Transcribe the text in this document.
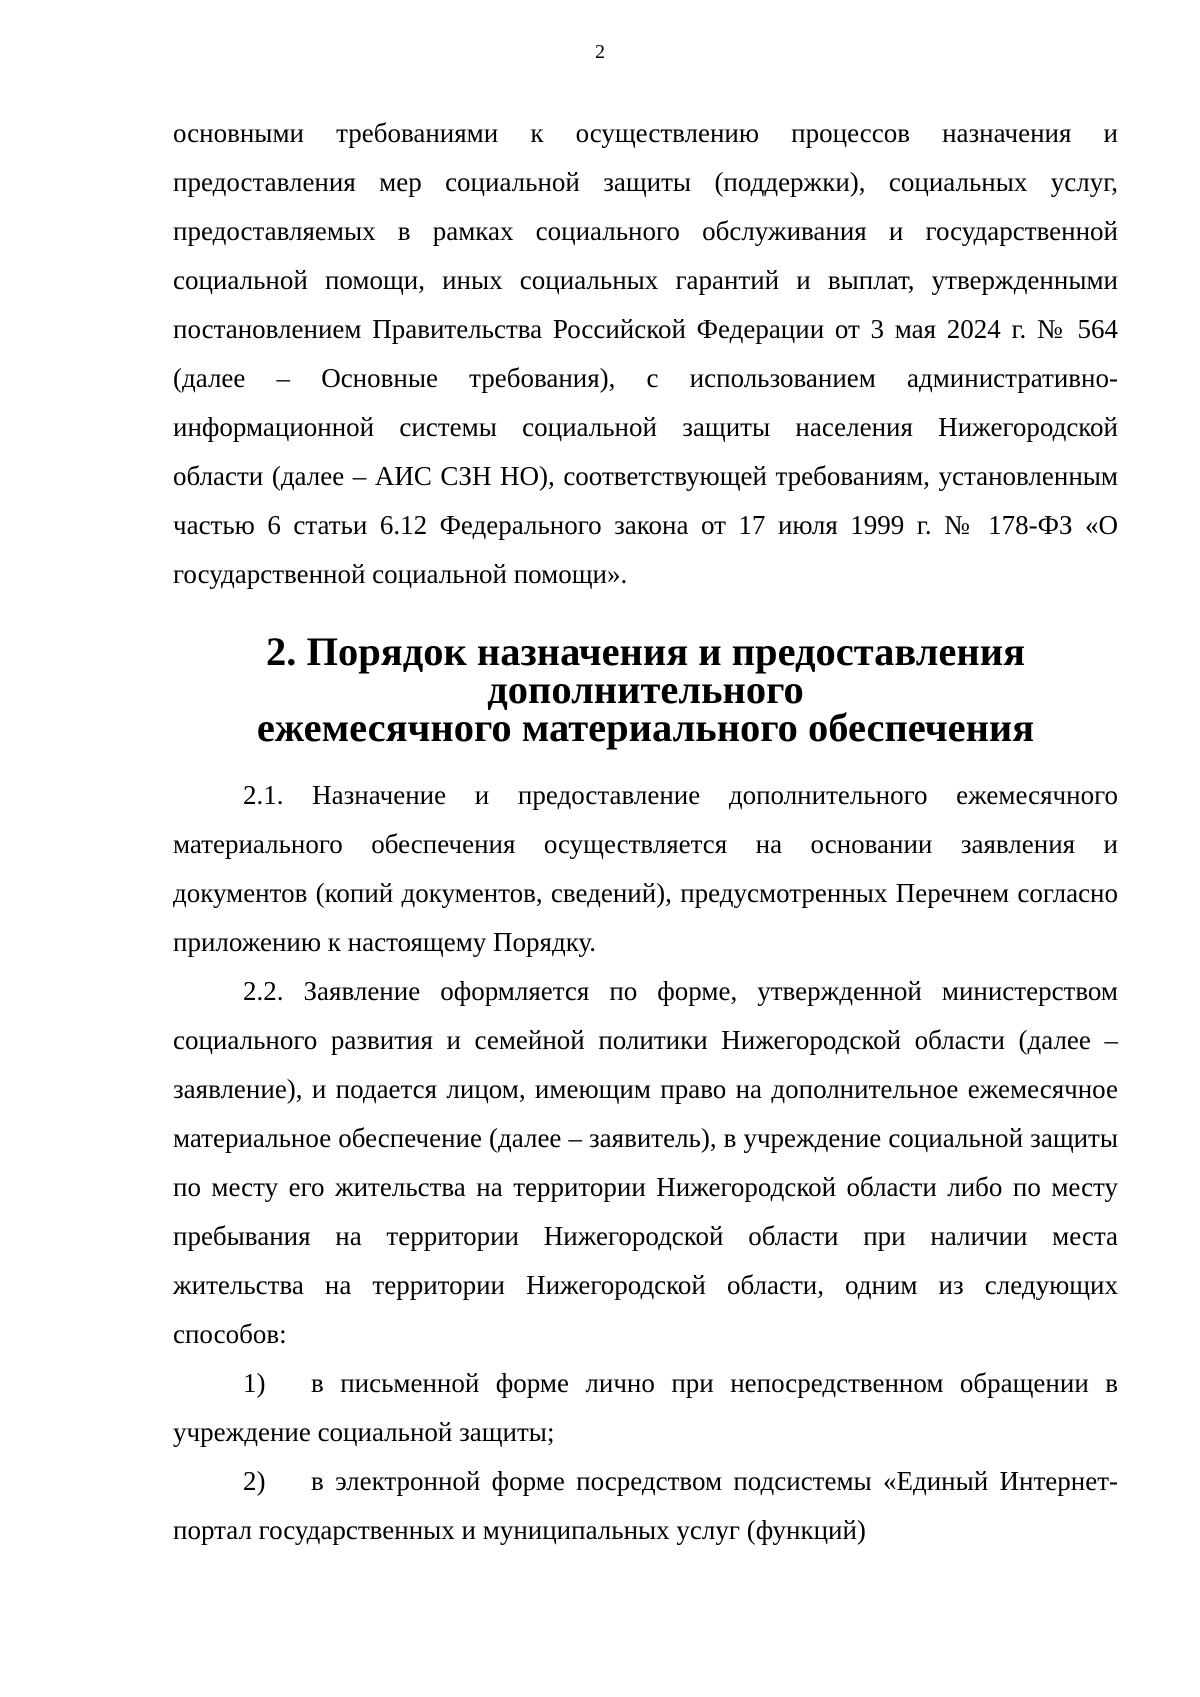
2

основными требованиями к осуществлению процессов назначения и предоставления мер социальной защиты (поддержки), социальных услуг, предоставляемых в рамках социального обслуживания и государственной социальной помощи, иных социальных гарантий и выплат, утвержденными постановлением Правительства Российской Федерации от 3 мая 2024 г. № 564 (далее – Основные требования), с использованием административно-информационной системы социальной защиты населения Нижегородской области (далее – АИС СЗН НО), соответствующей требованиям, установленным частью 6 статьи 6.12 Федерального закона от 17 июля 1999 г. № 178-ФЗ «О государственной социальной помощи».

2. Порядок назначения и предоставления дополнительного
ежемесячного материального обеспечения

2.1. Назначение и предоставление дополнительного ежемесячного материального обеспечения осуществляется на основании заявления и документов (копий документов, сведений), предусмотренных Перечнем согласно приложению к настоящему Порядку.

2.2. Заявление оформляется по форме, утвержденной министерством социального развития и семейной политики Нижегородской области (далее – заявление), и подается лицом, имеющим право на дополнительное ежемесячное материальное обеспечение (далее – заявитель), в учреждение социальной защиты по месту его жительства на территории Нижегородской области либо по месту пребывания на территории Нижегородской области при наличии места жительства на территории Нижегородской области, одним из следующих способов:

1) в письменной форме лично при непосредственном обращении в учреждение социальной защиты;

2) в электронной форме посредством подсистемы «Единый Интернет-портал государственных и муниципальных услуг (функций)
